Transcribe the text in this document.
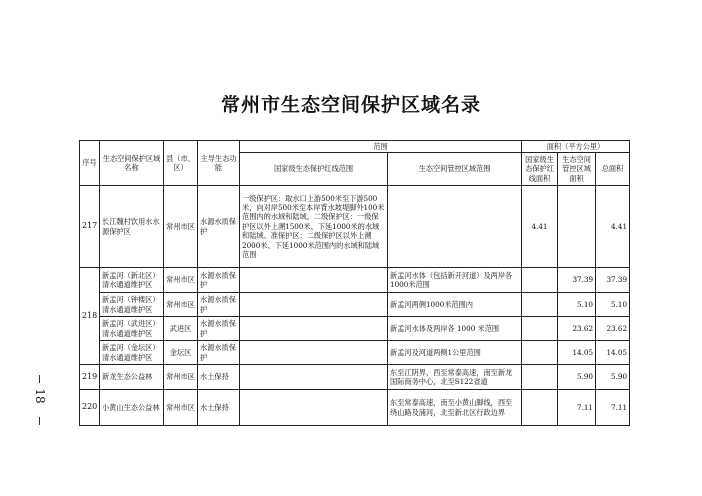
常州市生态空间保护区域名录
18
序号	生态空间保护区域名称	县（市、区）	主导生态功能	范围		面积（平方公里）		
				国家级生态保护红线范围	生态空间管控区域范围	国家级生态保护红线面积	生态空间管控区域面积	总面积
217	长江魏村饮用水水源保护区	常州市区	水源水质保护	一级保护区：取水口上游500米至下游500米，向对岸500米至本岸背水坡堤脚外100米范围内的水域和陆域。二级保护区：一级保护区以外上溯1500米、下延1000米的水域和陆域。准保护区：二级保护区以外上溯2000米、下延1000米范围内的水域和陆域范围		4.41		4.41
218	新孟河（新北区）清水通道维护区	常州市区	水源水质保护		新孟河水体（包括新开河道）及两岸各1000米范围		37.39	37.39
	新孟河（钟楼区）清水通道维护区	常州市区	水源水质保护		新孟河两侧1000米范围内		5.10	5.10
	新孟河（武进区）清水通道维护区	武进区	水源水质保护		新孟河水体及两岸各 1000 米范围		23.62	23.62
	新孟河（金坛区）清水通道维护区	金坛区	水源水质保护		新孟河及河道两侧1公里范围		14.05	14.05
219	新龙生态公益林	常州市区	水土保持		东至江阴界，西至常泰高速，南至新龙国际商务中心，北至S122省道		5.90	5.90
220	小黄山生态公益林	常州市区	水土保持		东至常泰高速，南至小黄山脚线，西至绕山路及浦河，北至新北区行政边界		7.11	7.11
